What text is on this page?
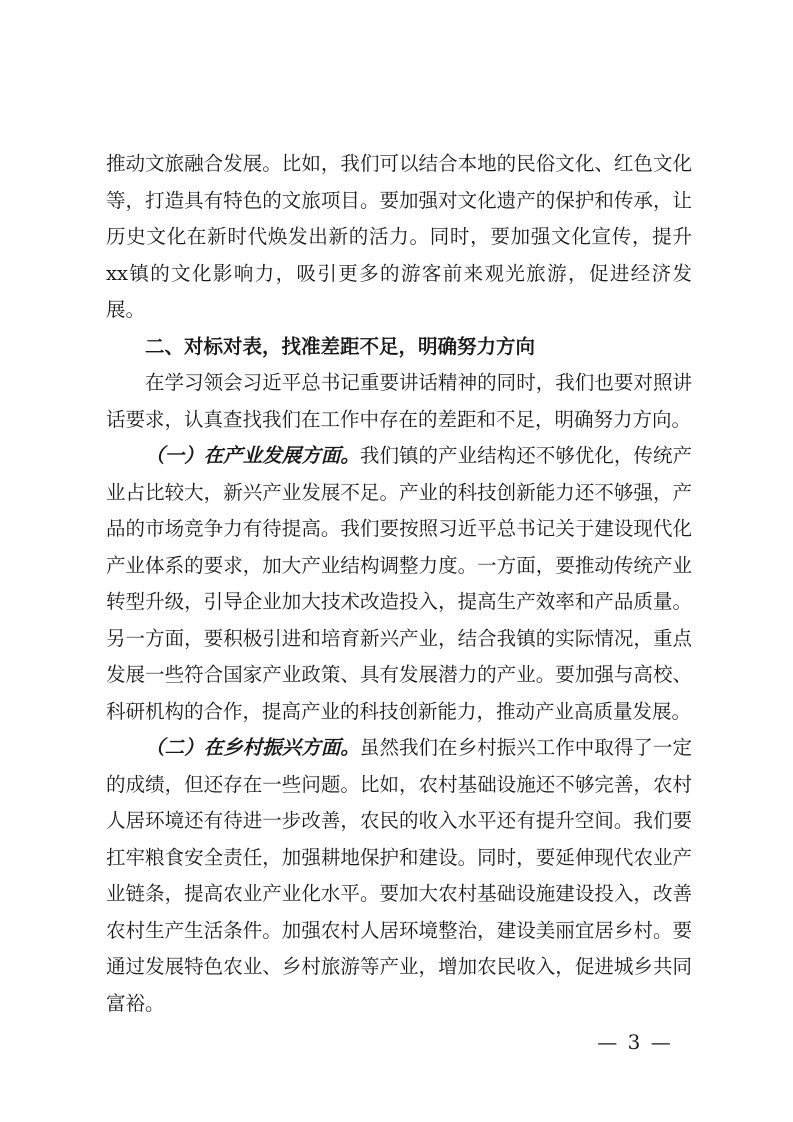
推动文旅融合发展。比如，我们可以结合本地的民俗文化、红色文化等，打造具有特色的文旅项目。要加强对文化遗产的保护和传承，让历史文化在新时代焕发出新的活力。同时，要加强文化宣传，提升xx镇的文化影响力，吸引更多的游客前来观光旅游，促进经济发展。

二、对标对表，找准差距不足，明确努力方向

在学习领会习近平总书记重要讲话精神的同时，我们也要对照讲话要求，认真查找我们在工作中存在的差距和不足，明确努力方向。

（一）在产业发展方面。我们镇的产业结构还不够优化，传统产业占比较大，新兴产业发展不足。产业的科技创新能力还不够强，产品的市场竞争力有待提高。我们要按照习近平总书记关于建设现代化产业体系的要求，加大产业结构调整力度。一方面，要推动传统产业转型升级，引导企业加大技术改造投入，提高生产效率和产品质量。另一方面，要积极引进和培育新兴产业，结合我镇的实际情况，重点发展一些符合国家产业政策、具有发展潜力的产业。要加强与高校、科研机构的合作，提高产业的科技创新能力，推动产业高质量发展。

（二）在乡村振兴方面。虽然我们在乡村振兴工作中取得了一定的成绩，但还存在一些问题。比如，农村基础设施还不够完善，农村人居环境还有待进一步改善，农民的收入水平还有提升空间。我们要扛牢粮食安全责任，加强耕地保护和建设。同时，要延伸现代农业产业链条，提高农业产业化水平。要加大农村基础设施建设投入，改善农村生产生活条件。加强农村人居环境整治，建设美丽宜居乡村。要通过发展特色农业、乡村旅游等产业，增加农民收入，促进城乡共同富裕。

— 3 —
